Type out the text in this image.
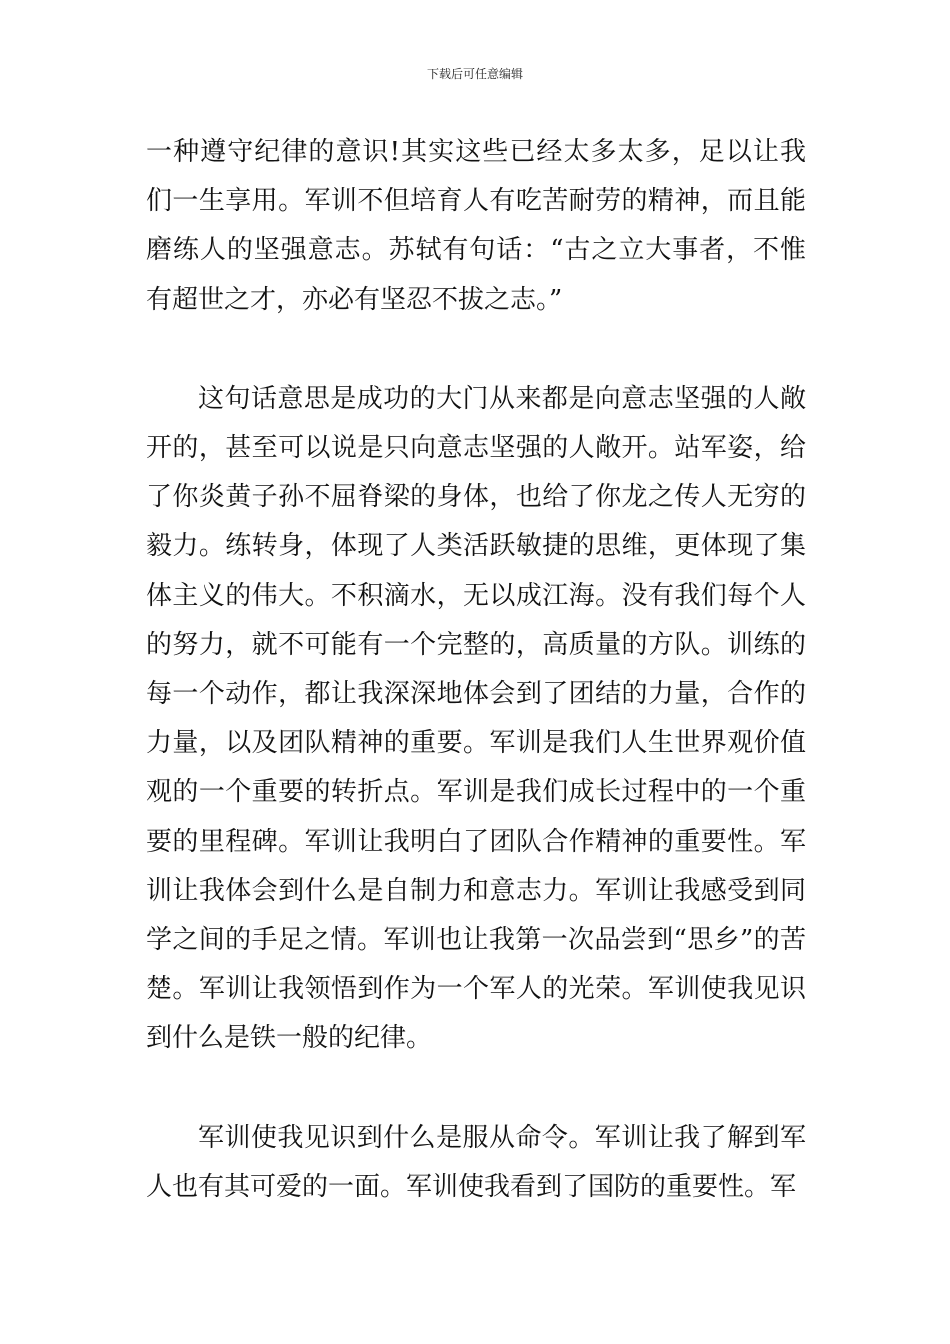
下载后可任意编辑

一种遵守纪律的意识!其实这些已经太多太多，足以让我们一生享用。军训不但培育人有吃苦耐劳的精神，而且能磨练人的坚强意志。苏轼有句话：“古之立大事者，不惟有超世之才，亦必有坚忍不拔之志。”

这句话意思是成功的大门从来都是向意志坚强的人敞开的，甚至可以说是只向意志坚强的人敞开。站军姿，给了你炎黄子孙不屈脊梁的身体，也给了你龙之传人无穷的毅力。练转身，体现了人类活跃敏捷的思维，更体现了集体主义的伟大。不积滴水，无以成江海。没有我们每个人的努力，就不可能有一个完整的，高质量的方队。训练的每一个动作，都让我深深地体会到了团结的力量，合作的力量，以及团队精神的重要。军训是我们人生世界观价值观的一个重要的转折点。军训是我们成长过程中的一个重要的里程碑。军训让我明白了团队合作精神的重要性。军训让我体会到什么是自制力和意志力。军训让我感受到同学之间的手足之情。军训也让我第一次品尝到“思乡”的苦楚。军训让我领悟到作为一个军人的光荣。军训使我见识到什么是铁一般的纪律。

军训使我见识到什么是服从命令。军训让我了解到军人也有其可爱的一面。军训使我看到了国防的重要性。军
